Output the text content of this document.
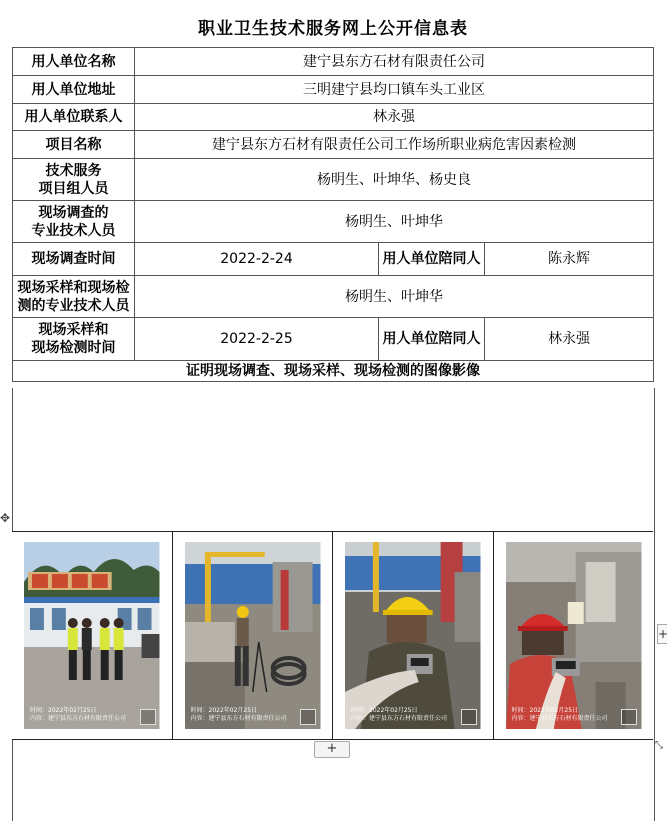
职业卫生技术服务网上公开信息表
用人单位名称	建宁县东方石材有限责任公司		
用人单位地址	三明建宁县均口镇车头工业区		
用人单位联系人	林永强		
项目名称	建宁县东方石材有限责任公司工作场所职业病危害因素检测		

技术服务
项目组人员	杨明生、叶坤华、杨史良		

现场调查的
专业技术人员	杨明生、叶坤华		
现场调查时间	2022-2-24	用人单位陪同人	陈永辉

现场采样和现场检
测的专业技术人员	杨明生、叶坤华		

现场采样和
现场检测时间	2022-2-25	用人单位陪同人	林永强
证明现场调查、现场采样、现场检测的图像影像			
时间：2022年02月25日
内容：建宁县东方石材有限责任公司
时间：2022年02月25日
内容：建宁县东方石材有限责任公司
时间：2022年02月25日
内容：建宁县东方石材有限责任公司
时间：2022年02月25日
内容：建宁县东方石材有限责任公司
+
✥
+
⤡
